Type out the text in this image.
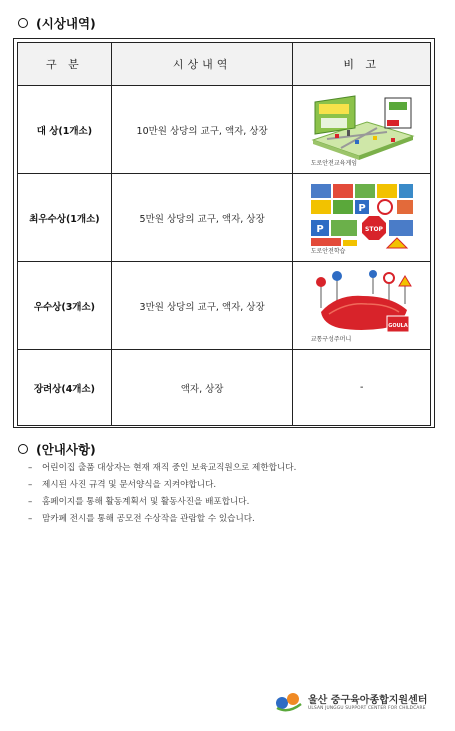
(시상내역)
구 분	시상내역	비 고
대 상(1개소)	10만원 상당의 교구, 액자, 상장	도로안전교육게임

최우수상(1개소)	5만원 상당의 교구, 액자, 상장	P
STOP
P
도로안전학습

우수상(3개소)	3만원 상당의 교구, 액자, 상장	GOULA
교통구성주머니

장려상(4개소)	액자, 상장	-
(안내사항)
–	어린이집 출품 대상자는 현재 재직 중인 보육교직원으로 제한합니다.
–	제시된 사진 규격 및 문서양식을 지켜야합니다.
–	홈페이지를 통해 활동계획서 및 활동사진을 배포합니다.
–	맘카페 전시를 통해 공모전 수상작을 관람할 수 있습니다.
울산 중구육아종합지원센터
ULSAN JUNGGU SUPPORT CENTER FOR CHILDCARE
